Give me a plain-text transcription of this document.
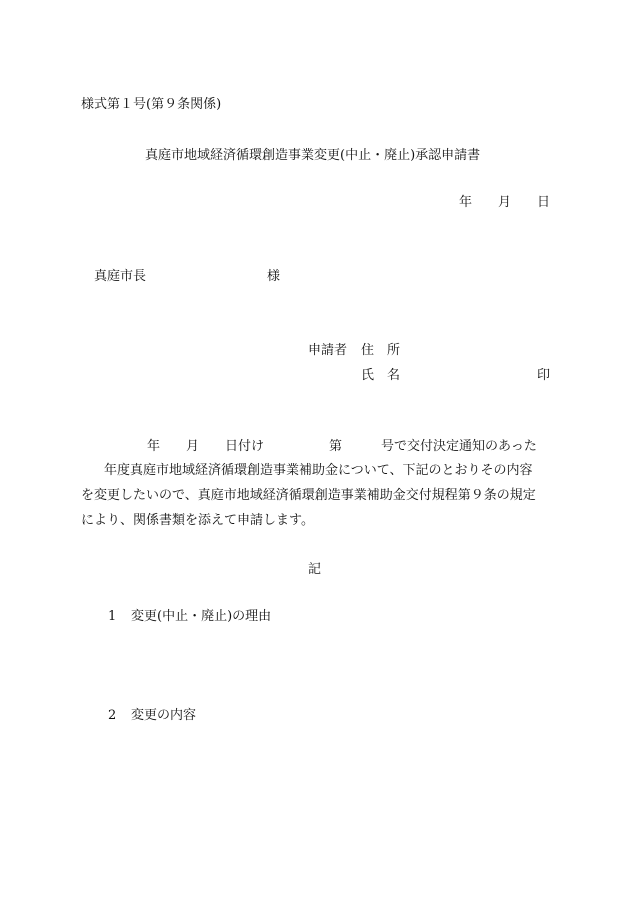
様式第１号(第９条関係)
真庭市地域経済循環創造事業変更(中止・廃止)承認申請書
年　　月　　日
真庭市長	様
申請者 住　所
氏　名	印
年　　月　　日付け　　　　　第　　　号で交付決定通知のあった
年度真庭市地域経済循環創造事業補助金について、下記のとおりその内容
を変更したいので、真庭市地域経済循環創造事業補助金交付規程第９条の規定
により、関係書類を添えて申請します。
記
1 変更(中止・廃止)の理由
2 変更の内容
